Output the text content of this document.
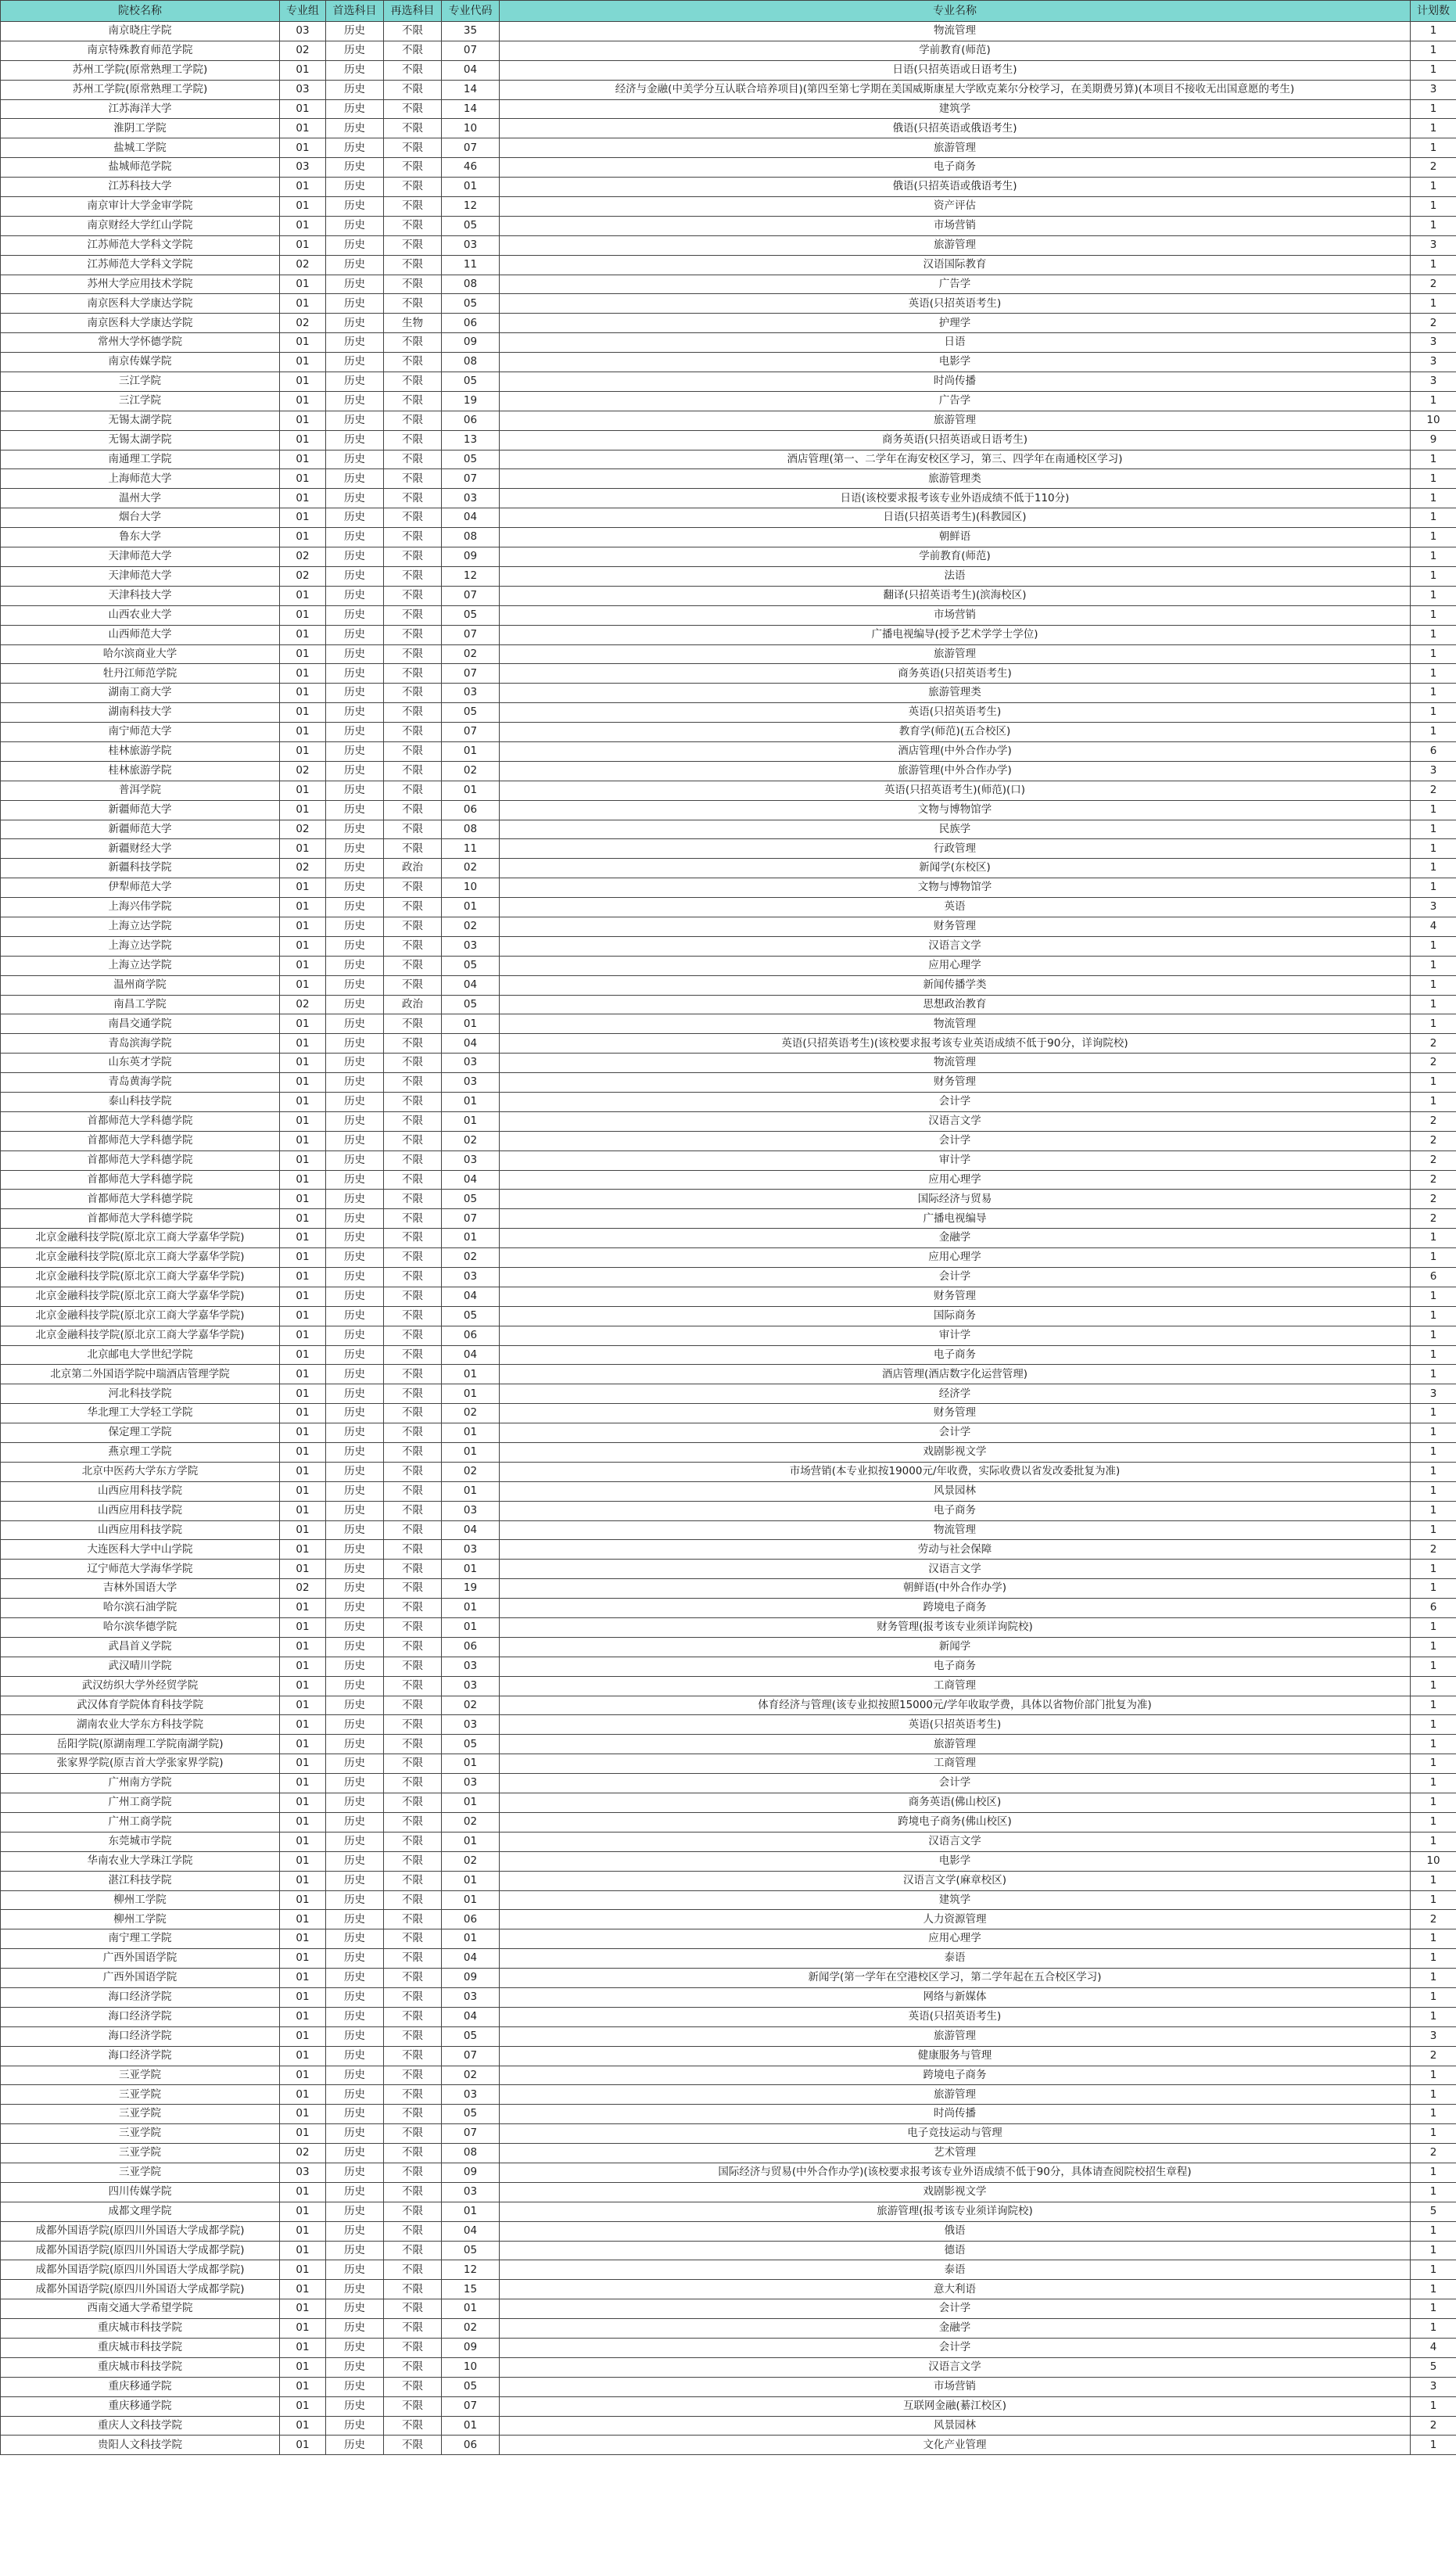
院校名称	专业组	首选科目	再选科目	专业代码	专业名称	计划数
南京晓庄学院	03	历史	不限	35	物流管理	1
南京特殊教育师范学院	02	历史	不限	07	学前教育(师范)	1
苏州工学院(原常熟理工学院)	01	历史	不限	04	日语(只招英语或日语考生)	1
苏州工学院(原常熟理工学院)	03	历史	不限	14	经济与金融(中美学分互认联合培养项目)(第四至第七学期在美国威斯康星大学欧克莱尔分校学习，在美期费另算)(本项目不接收无出国意愿的考生)	3
江苏海洋大学	01	历史	不限	14	建筑学	1
淮阴工学院	01	历史	不限	10	俄语(只招英语或俄语考生)	1
盐城工学院	01	历史	不限	07	旅游管理	1
盐城师范学院	03	历史	不限	46	电子商务	2
江苏科技大学	01	历史	不限	01	俄语(只招英语或俄语考生)	1
南京审计大学金审学院	01	历史	不限	12	资产评估	1
南京财经大学红山学院	01	历史	不限	05	市场营销	1
江苏师范大学科文学院	01	历史	不限	03	旅游管理	3
江苏师范大学科文学院	02	历史	不限	11	汉语国际教育	1
苏州大学应用技术学院	01	历史	不限	08	广告学	2
南京医科大学康达学院	01	历史	不限	05	英语(只招英语考生)	1
南京医科大学康达学院	02	历史	生物	06	护理学	2
常州大学怀德学院	01	历史	不限	09	日语	3
南京传媒学院	01	历史	不限	08	电影学	3
三江学院	01	历史	不限	05	时尚传播	3
三江学院	01	历史	不限	19	广告学	1
无锡太湖学院	01	历史	不限	06	旅游管理	10
无锡太湖学院	01	历史	不限	13	商务英语(只招英语或日语考生)	9
南通理工学院	01	历史	不限	05	酒店管理(第一、二学年在海安校区学习，第三、四学年在南通校区学习)	1
上海师范大学	01	历史	不限	07	旅游管理类	1
温州大学	01	历史	不限	03	日语(该校要求报考该专业外语成绩不低于110分)	1
烟台大学	01	历史	不限	04	日语(只招英语考生)(科教园区)	1
鲁东大学	01	历史	不限	08	朝鲜语	1
天津师范大学	02	历史	不限	09	学前教育(师范)	1
天津师范大学	02	历史	不限	12	法语	1
天津科技大学	01	历史	不限	07	翻译(只招英语考生)(滨海校区)	1
山西农业大学	01	历史	不限	05	市场营销	1
山西师范大学	01	历史	不限	07	广播电视编导(授予艺术学学士学位)	1
哈尔滨商业大学	01	历史	不限	02	旅游管理	1
牡丹江师范学院	01	历史	不限	07	商务英语(只招英语考生)	1
湖南工商大学	01	历史	不限	03	旅游管理类	1
湖南科技大学	01	历史	不限	05	英语(只招英语考生)	1
南宁师范大学	01	历史	不限	07	教育学(师范)(五合校区)	1
桂林旅游学院	01	历史	不限	01	酒店管理(中外合作办学)	6
桂林旅游学院	02	历史	不限	02	旅游管理(中外合作办学)	3
普洱学院	01	历史	不限	01	英语(只招英语考生)(师范)(口)	2
新疆师范大学	01	历史	不限	06	文物与博物馆学	1
新疆师范大学	02	历史	不限	08	民族学	1
新疆财经大学	01	历史	不限	11	行政管理	1
新疆科技学院	02	历史	政治	02	新闻学(东校区)	1
伊犁师范大学	01	历史	不限	10	文物与博物馆学	1
上海兴伟学院	01	历史	不限	01	英语	3
上海立达学院	01	历史	不限	02	财务管理	4
上海立达学院	01	历史	不限	03	汉语言文学	1
上海立达学院	01	历史	不限	05	应用心理学	1
温州商学院	01	历史	不限	04	新闻传播学类	1
南昌工学院	02	历史	政治	05	思想政治教育	1
南昌交通学院	01	历史	不限	01	物流管理	1
青岛滨海学院	01	历史	不限	04	英语(只招英语考生)(该校要求报考该专业英语成绩不低于90分，详询院校)	2
山东英才学院	01	历史	不限	03	物流管理	2
青岛黄海学院	01	历史	不限	03	财务管理	1
泰山科技学院	01	历史	不限	01	会计学	1
首都师范大学科德学院	01	历史	不限	01	汉语言文学	2
首都师范大学科德学院	01	历史	不限	02	会计学	2
首都师范大学科德学院	01	历史	不限	03	审计学	2
首都师范大学科德学院	01	历史	不限	04	应用心理学	2
首都师范大学科德学院	01	历史	不限	05	国际经济与贸易	2
首都师范大学科德学院	01	历史	不限	07	广播电视编导	2
北京金融科技学院(原北京工商大学嘉华学院)	01	历史	不限	01	金融学	1
北京金融科技学院(原北京工商大学嘉华学院)	01	历史	不限	02	应用心理学	1
北京金融科技学院(原北京工商大学嘉华学院)	01	历史	不限	03	会计学	6
北京金融科技学院(原北京工商大学嘉华学院)	01	历史	不限	04	财务管理	1
北京金融科技学院(原北京工商大学嘉华学院)	01	历史	不限	05	国际商务	1
北京金融科技学院(原北京工商大学嘉华学院)	01	历史	不限	06	审计学	1
北京邮电大学世纪学院	01	历史	不限	04	电子商务	1
北京第二外国语学院中瑞酒店管理学院	01	历史	不限	01	酒店管理(酒店数字化运营管理)	1
河北科技学院	01	历史	不限	01	经济学	3
华北理工大学轻工学院	01	历史	不限	02	财务管理	1
保定理工学院	01	历史	不限	01	会计学	1
燕京理工学院	01	历史	不限	01	戏剧影视文学	1
北京中医药大学东方学院	01	历史	不限	02	市场营销(本专业拟按19000元/年收费，实际收费以省发改委批复为准)	1
山西应用科技学院	01	历史	不限	01	风景园林	1
山西应用科技学院	01	历史	不限	03	电子商务	1
山西应用科技学院	01	历史	不限	04	物流管理	1
大连医科大学中山学院	01	历史	不限	03	劳动与社会保障	2
辽宁师范大学海华学院	01	历史	不限	01	汉语言文学	1
吉林外国语大学	02	历史	不限	19	朝鲜语(中外合作办学)	1
哈尔滨石油学院	01	历史	不限	01	跨境电子商务	6
哈尔滨华德学院	01	历史	不限	01	财务管理(报考该专业须详询院校)	1
武昌首义学院	01	历史	不限	06	新闻学	1
武汉晴川学院	01	历史	不限	03	电子商务	1
武汉纺织大学外经贸学院	01	历史	不限	03	工商管理	1
武汉体育学院体育科技学院	01	历史	不限	02	体育经济与管理(该专业拟按照15000元/学年收取学费，具体以省物价部门批复为准)	1
湖南农业大学东方科技学院	01	历史	不限	03	英语(只招英语考生)	1
岳阳学院(原湖南理工学院南湖学院)	01	历史	不限	05	旅游管理	1
张家界学院(原吉首大学张家界学院)	01	历史	不限	01	工商管理	1
广州南方学院	01	历史	不限	03	会计学	1
广州工商学院	01	历史	不限	01	商务英语(佛山校区)	1
广州工商学院	01	历史	不限	02	跨境电子商务(佛山校区)	1
东莞城市学院	01	历史	不限	01	汉语言文学	1
华南农业大学珠江学院	01	历史	不限	02	电影学	10
湛江科技学院	01	历史	不限	01	汉语言文学(麻章校区)	1
柳州工学院	01	历史	不限	01	建筑学	1
柳州工学院	01	历史	不限	06	人力资源管理	2
南宁理工学院	01	历史	不限	01	应用心理学	1
广西外国语学院	01	历史	不限	04	泰语	1
广西外国语学院	01	历史	不限	09	新闻学(第一学年在空港校区学习，第二学年起在五合校区学习)	1
海口经济学院	01	历史	不限	03	网络与新媒体	1
海口经济学院	01	历史	不限	04	英语(只招英语考生)	1
海口经济学院	01	历史	不限	05	旅游管理	3
海口经济学院	01	历史	不限	07	健康服务与管理	2
三亚学院	01	历史	不限	02	跨境电子商务	1
三亚学院	01	历史	不限	03	旅游管理	1
三亚学院	01	历史	不限	05	时尚传播	1
三亚学院	01	历史	不限	07	电子竞技运动与管理	1
三亚学院	02	历史	不限	08	艺术管理	2
三亚学院	03	历史	不限	09	国际经济与贸易(中外合作办学)(该校要求报考该专业外语成绩不低于90分，具体请查阅院校招生章程)	1
四川传媒学院	01	历史	不限	03	戏剧影视文学	1
成都文理学院	01	历史	不限	01	旅游管理(报考该专业须详询院校)	5
成都外国语学院(原四川外国语大学成都学院)	01	历史	不限	04	俄语	1
成都外国语学院(原四川外国语大学成都学院)	01	历史	不限	05	德语	1
成都外国语学院(原四川外国语大学成都学院)	01	历史	不限	12	泰语	1
成都外国语学院(原四川外国语大学成都学院)	01	历史	不限	15	意大利语	1
西南交通大学希望学院	01	历史	不限	01	会计学	1
重庆城市科技学院	01	历史	不限	02	金融学	1
重庆城市科技学院	01	历史	不限	09	会计学	4
重庆城市科技学院	01	历史	不限	10	汉语言文学	5
重庆移通学院	01	历史	不限	05	市场营销	3
重庆移通学院	01	历史	不限	07	互联网金融(綦江校区)	1
重庆人文科技学院	01	历史	不限	01	风景园林	2
贵阳人文科技学院	01	历史	不限	06	文化产业管理	1
